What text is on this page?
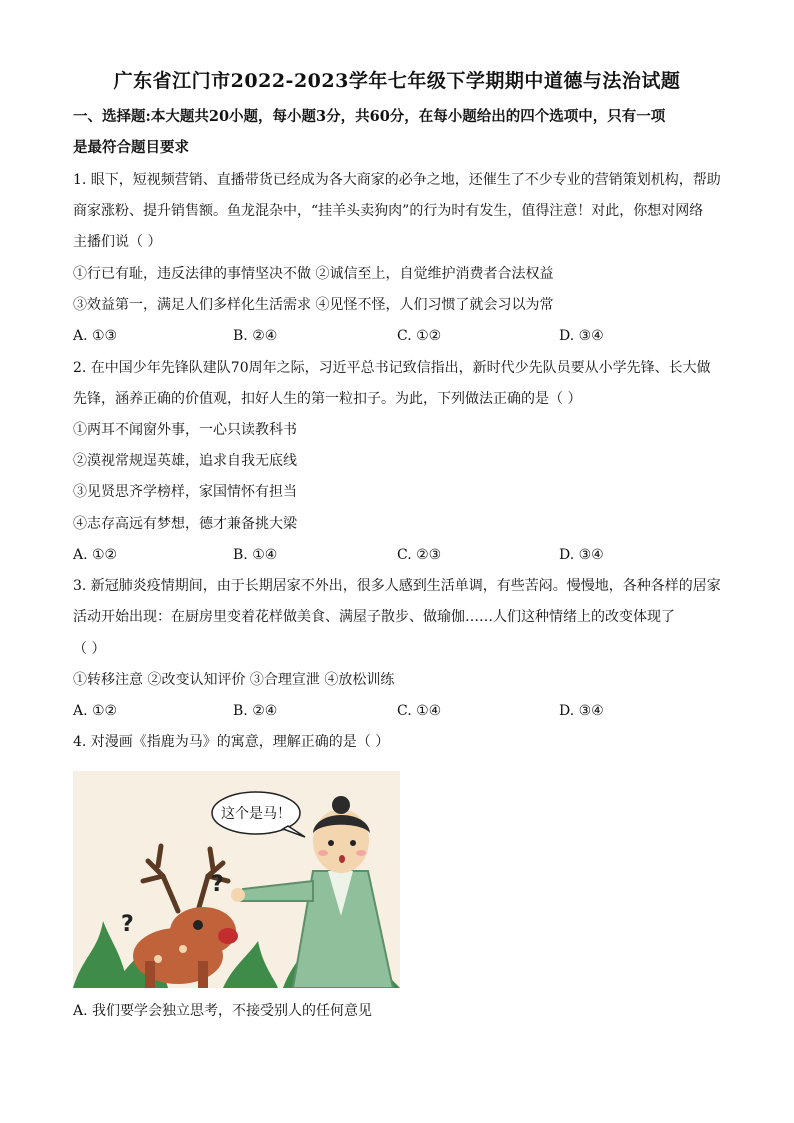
广东省江门市2022-2023学年七年级下学期期中道德与法治试题
一、选择题:本大题共20小题，每小题3分，共60分，在每小题给出的四个选项中，只有一项
是最符合题目要求
1. 眼下，短视频营销、直播带货已经成为各大商家的必争之地，还催生了不少专业的营销策划机构，帮助
商家涨粉、提升销售额。鱼龙混杂中，“挂羊头卖狗肉”的行为时有发生，值得注意！对此，你想对网络
主播们说（ ）
①行已有耻，违反法律的事情坚决不做 ②诚信至上，自觉维护消费者合法权益
③效益第一，满足人们多样化生活需求 ④见怪不怪，人们习惯了就会习以为常
A. ①③	B. ②④	C. ①②	D. ③④
2. 在中国少年先锋队建队70周年之际，习近平总书记致信指出，新时代少先队员要从小学先锋、长大做
先锋，涵养正确的价值观，扣好人生的第一粒扣子。为此，下列做法正确的是（ ）
①两耳不闻窗外事，一心只读教科书
②漠视常规逞英雄，追求自我无底线
③见贤思齐学榜样，家国情怀有担当
④志存高远有梦想，德才兼备挑大梁
A. ①②	B. ①④	C. ②③	D. ③④
3. 新冠肺炎疫情期间，由于长期居家不外出，很多人感到生活单调，有些苦闷。慢慢地，各种各样的居家
活动开始出现：在厨房里变着花样做美食、满屋子散步、做瑜伽……人们这种情绪上的改变体现了
（ ）
①转移注意 ②改变认知评价 ③合理宣泄 ④放松训练
A. ①②	B. ②④	C. ①④	D. ③④
4. 对漫画《指鹿为马》的寓意，理解正确的是（ ）
?
?
这个是马！
A. 我们要学会独立思考，不接受别人的任何意见
